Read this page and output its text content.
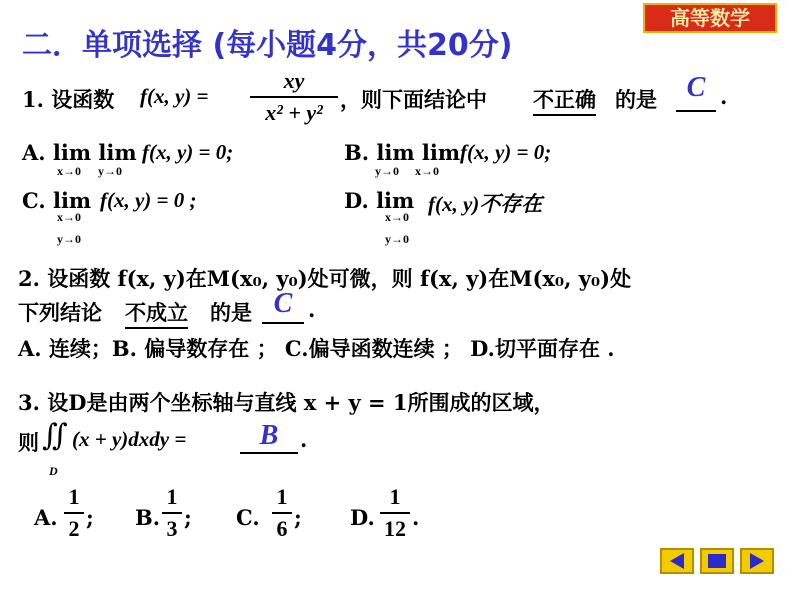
二．单项选择 (每小题4分，共20分)
高等数学
1. 设函数 f(x, y) =
xy
x² + y²
，则下面结论中 不正确 的是	C .
A. lim lim
x→0 y→0
f(x, y) = 0;	B. lim lim
y→0 x→0
f(x, y) = 0;
C. lim
x→0
y→0
f(x, y) = 0 ;	D. lim
x→0
y→0
f(x, y)不存在
2. 设函数 f(x, y)在M(x₀, y₀)处可微，则 f(x, y)在M(x₀, y₀)处
下列结论 不成立 的是 C .
A. 连续；B. 偏导数存在 ； C.偏导函数连续 ； D.切平面存在 .
3. 设D是由两个坐标轴与直线 x + y = 1所围成的区域，
则 ∬
D
(x + y)dxdy =	B	.
A.
1
2 ; B.
1
3 ; C.
1
6 ; D.
1
12 .
